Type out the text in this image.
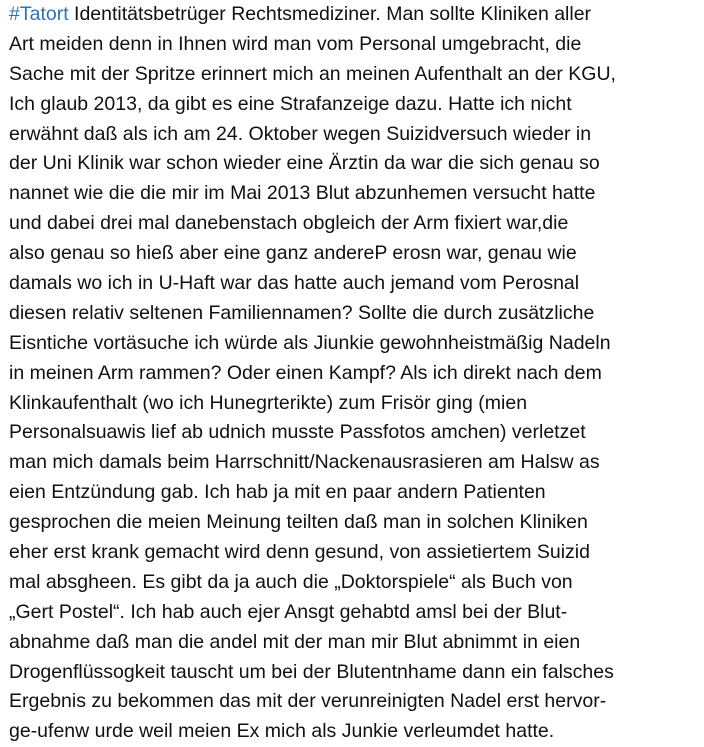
#Tatort Identitätsbetrüger Rechtsmediziner. Man sollte Kliniken aller
Art meiden denn in Ihnen wird man vom Personal umgebracht, die
Sache mit der Spritze erinnert mich an meinen Aufenthalt an der KGU,
Ich glaub 2013, da gibt es eine Strafanzeige dazu. Hatte ich nicht
erwähnt daß als ich am 24. Oktober wegen Suizidversuch wieder in
der Uni Klinik war schon wieder eine Ärztin da war die sich genau so
nannet wie die die mir im Mai 2013 Blut abzunhemen versucht hatte
und dabei drei mal danebenstach obgleich der Arm fixiert war,die
also genau so hieß aber eine ganz andereP erosn war, genau wie
damals wo ich in U-Haft war das hatte auch jemand vom Perosnal
diesen relativ seltenen Familiennamen? Sollte die durch zusätzliche
Eisntiche vortäsuche ich würde als Jiunkie gewohnheistmäßig Nadeln
in meinen Arm rammen? Oder einen Kampf? Als ich direkt nach dem
Klinkaufenthalt (wo ich Hunegrterikte) zum Frisör ging (mien
Personalsuawis lief ab udnich musste Passfotos amchen) verletzet
man mich damals beim Harrschnitt/Nackenausrasieren am Halsw as
eien Entzündung gab. Ich hab ja mit en paar andern Patienten
gesprochen die meien Meinung teilten daß man in solchen Kliniken
eher erst krank gemacht wird denn gesund, von assietiertem Suizid
mal absgheen. Es gibt da ja auch die „Doktorspiele“ als Buch von
„Gert Postel“. Ich hab auch ejer Ansgt gehabtd amsl bei der Blut-
abnahme daß man die andel mit der man mir Blut abnimmt in eien
Drogenflüssogkeit tauscht um bei der Blutentnhame dann ein falsches
Ergebnis zu bekommen das mit der verunreinigten Nadel erst hervor-
ge-ufenw urde weil meien Ex mich als Junkie verleumdet hatte.
